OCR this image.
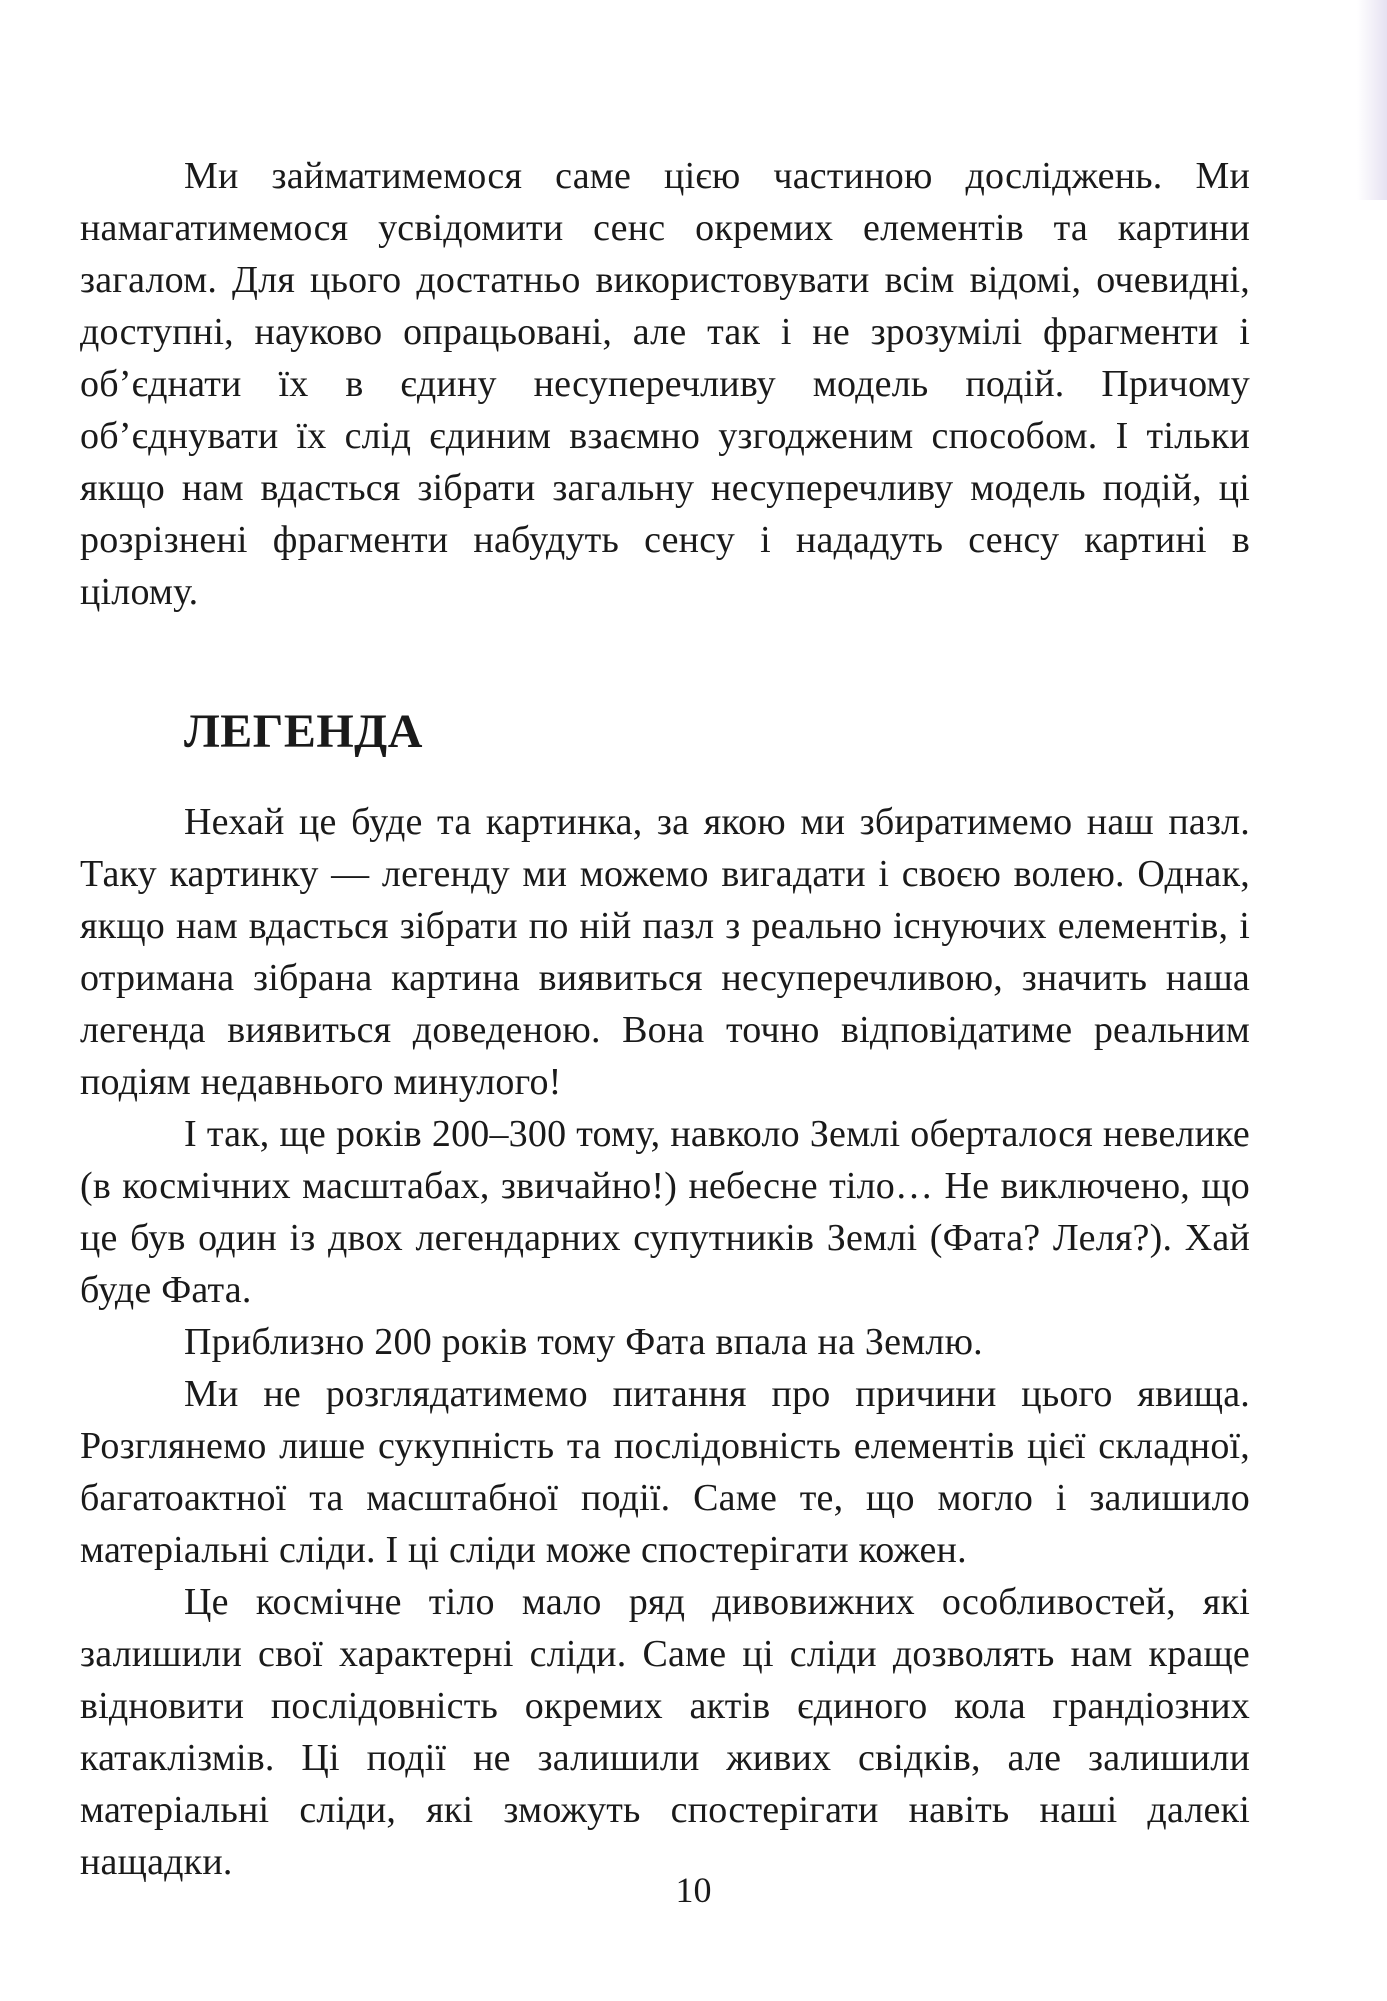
Ми займатимемося саме цією частиною досліджень. Ми намагатимемося усвідомити сенс окремих елементів та картини загалом. Для цього достатньо використовувати всім відомі, очевидні, доступні, науково опрацьовані, але так і не зрозумілі фрагменти і об’єднати їх в єдину несуперечливу модель подій. Причому об’єднувати їх слід єдиним взаємно узгодженим способом. І тільки якщо нам вдасться зібрати загальну несуперечливу модель подій, ці розрізнені фрагменти набудуть сенсу і нададуть сенсу картині в цілому.

ЛЕГЕНДА

Нехай це буде та картинка, за якою ми збиратимемо наш пазл. Таку картинку — легенду ми можемо вигадати і своєю волею. Однак, якщо нам вдасться зібрати по ній пазл з реально існуючих елементів, і отримана зібрана картина виявиться несуперечливою, значить наша легенда виявиться доведеною. Вона точно відповідатиме реальним подіям недавнього минулого!

І так, ще років 200–300 тому, навколо Землі оберталося невелике (в космічних масштабах, звичайно!) небесне тіло… Не виключено, що це був один із двох легендарних супутників Землі (Фата? Леля?). Хай буде Фата.

Приблизно 200 років тому Фата впала на Землю.

Ми не розглядатимемо питання про причини цього явища. Розглянемо лише сукупність та послідовність елементів цієї складної, багатоактної та масштабної події. Саме те, що могло і залишило матеріальні сліди. І ці сліди може спостерігати кожен.

Це космічне тіло мало ряд дивовижних особливостей, які залишили свої характерні сліди. Саме ці сліди дозволять нам краще відновити послідовність окремих актів єдиного кола грандіозних катаклізмів. Ці події не залишили живих свідків, але залишили матеріальні сліди, які зможуть спостерігати навіть наші далекі нащадки.

10
